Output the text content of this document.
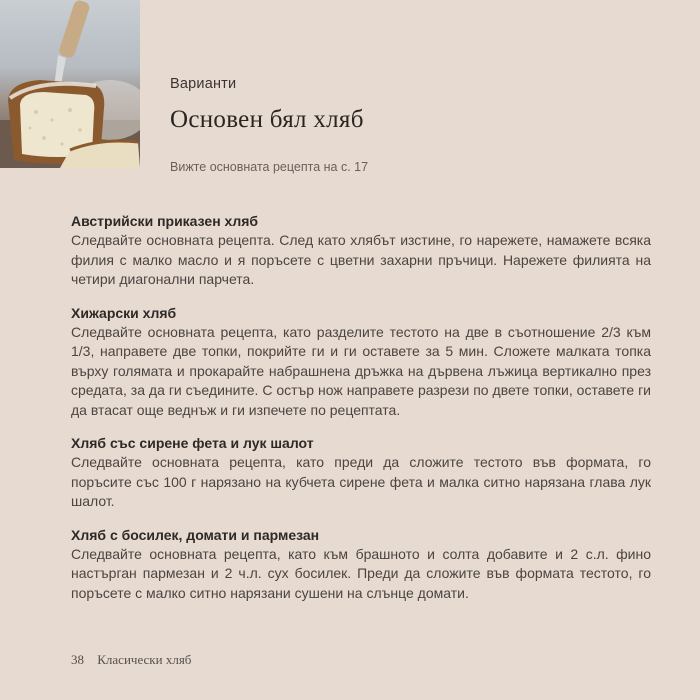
Варианти
Основен бял хляб
Вижте основната рецепта на с. 17
Австрийски приказен хляб
Следвайте основната рецепта. След като хлябът изстине, го нарежете, намажете всяка филия с малко масло и я поръсете с цветни захарни пръчици. Нарежете филията на четири диагонални парчета.
Хижарски хляб
Следвайте основната рецепта, като разделите тестото на две в съотношение 2/3 към 1/3, направете две топки, покрийте ги и ги оставете за 5 мин. Сложете малката топка върху голямата и прокарайте набрашнена дръжка на дървена лъжица вертикално през средата, за да ги съедините. С остър нож направете разрези по двете топки, оставете ги да втасат още веднъж и ги изпечете по рецептата.
Хляб със сирене фета и лук шалот
Следвайте основната рецепта, като преди да сложите тестото във формата, го поръсите със 100 г нарязано на кубчета сирене фета и малка ситно нарязана глава лук шалот.
Хляб с босилек, домати и пармезан
Следвайте основната рецепта, като към брашното и солта добавите и 2 с.л. фино настърган пармезан и 2 ч.л. сух босилек. Преди да сложите във формата тестото, го поръсете с малко ситно нарязани сушени на слънце домати.
38 Класически хляб
